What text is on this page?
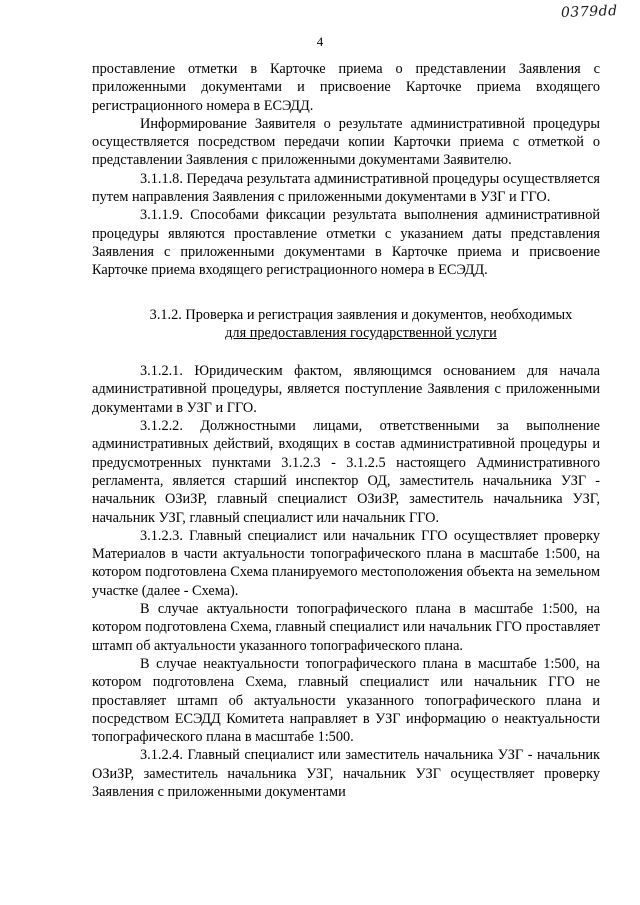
0379dd
4

проставление отметки в Карточке приема о представлении Заявления с приложенными документами и присвоение Карточке приема входящего регистрационного номера в ЕСЭДД.

Информирование Заявителя о результате административной процедуры осуществляется посредством передачи копии Карточки приема с отметкой о представлении Заявления с приложенными документами Заявителю.

3.1.1.8. Передача результата административной процедуры осуществляется путем направления Заявления с приложенными документами в УЗГ и ГГО.

3.1.1.9. Способами фиксации результата выполнения административной процедуры являются проставление отметки с указанием даты представления Заявления с приложенными документами в Карточке приема и присвоение Карточке приема входящего регистрационного номера в ЕСЭДД.

3.1.2. Проверка и регистрация заявления и документов, необходимых
для предоставления государственной услуги

3.1.2.1. Юридическим фактом, являющимся основанием для начала административной процедуры, является поступление Заявления с приложенными документами в УЗГ и ГГО.

3.1.2.2. Должностными лицами, ответственными за выполнение административных действий, входящих в состав административной процедуры и предусмотренных пунктами 3.1.2.3 - 3.1.2.5 настоящего Административного регламента, является старший инспектор ОД, заместитель начальника УЗГ - начальник ОЗиЗР, главный специалист ОЗиЗР, заместитель начальника УЗГ, начальник УЗГ, главный специалист или начальник ГГО.

3.1.2.3. Главный специалист или начальник ГГО осуществляет проверку Материалов в части актуальности топографического плана в масштабе 1:500, на котором подготовлена Схема планируемого местоположения объекта на земельном участке (далее - Схема).

В случае актуальности топографического плана в масштабе 1:500, на котором подготовлена Схема, главный специалист или начальник ГГО проставляет штамп об актуальности указанного топографического плана.

В случае неактуальности топографического плана в масштабе 1:500, на котором подготовлена Схема, главный специалист или начальник ГГО не проставляет штамп об актуальности указанного топографического плана и посредством ЕСЭДД Комитета направляет в УЗГ информацию о неактуальности топографического плана в масштабе 1:500.

3.1.2.4. Главный специалист или заместитель начальника УЗГ - начальник ОЗиЗР, заместитель начальника УЗГ, начальник УЗГ осуществляет проверку Заявления с приложенными документами
